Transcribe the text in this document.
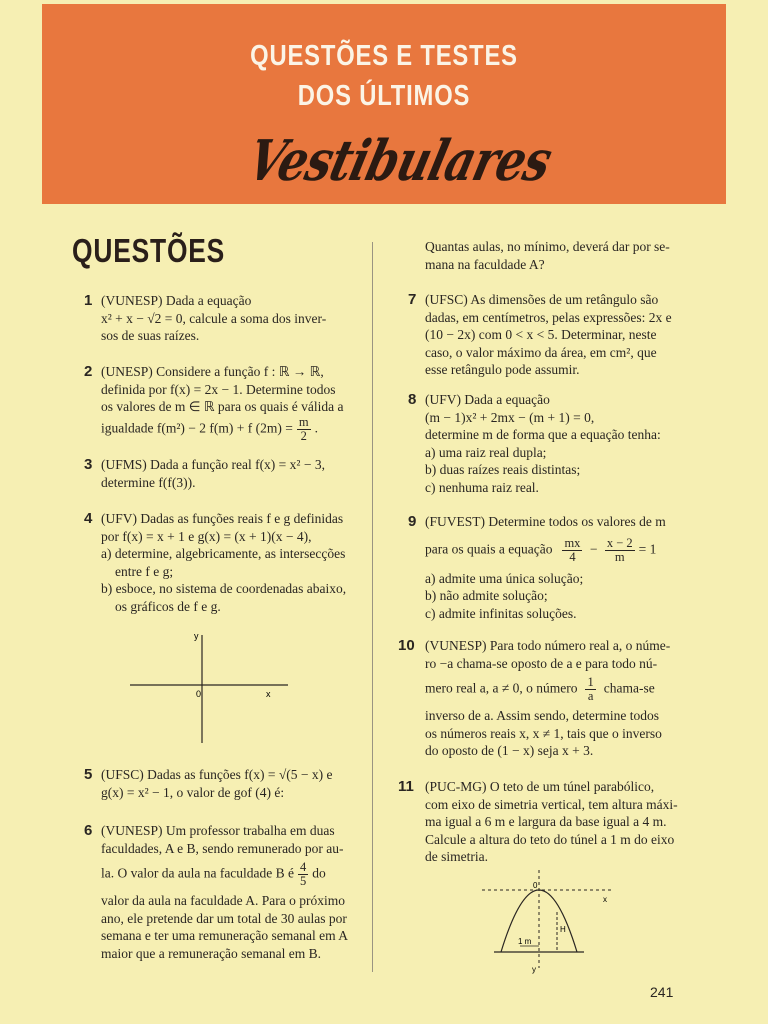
QUESTÕES E TESTES
DOS ÚLTIMOS
Vestibulares
QUESTÕES
1 (VUNESP) Dada a equação
x² + x − √2 = 0, calcule a soma dos inver-
sos de suas raízes.
2 (UNESP) Considere a função f : ℝ → ℝ,
definida por f(x) = 2x − 1. Determine todos
os valores de m ∈ ℝ para os quais é válida a
igualdade f(m²) − 2 f(m) + f $(2m) = \frac{m}{2}$ .
3 (UFMS) Dada a função real f(x) = x² − 3,
determine f(f(3)).
4 (UFV) Dadas as funções reais f e g definidas
por f(x) = x + 1 e g(x) = (x + 1)(x − 4),
a) determine, algebricamente, as intersecções
entre f e g;
b) esboce, no sistema de coordenadas abaixo,
os gráficos de f e g.
y
0	x
5 (UFSC) Dadas as funções f(x) = √(5 − x) e
g(x) = x² − 1, o valor de gof (4) é:
6 (VUNESP) Um professor trabalha em duas
faculdades, A e B, sendo remunerado por au-
la. O valor da aula na faculdade B é $\frac{4}{5}$ do
valor da aula na faculdade A. Para o próximo
ano, ele pretende dar um total de 30 aulas por
semana e ter uma remuneração semanal em A
maior que a remuneração semanal em B.
Quantas aulas, no mínimo, deverá dar por se-
mana na faculdade A?
7 (UFSC) As dimensões de um retângulo são
dadas, em centímetros, pelas expressões: 2x e
(10 − 2x) com 0 < x < 5. Determinar, neste
caso, o valor máximo da área, em cm², que
esse retângulo pode assumir.
8 (UFV) Dada a equação
(m − 1)x² + 2mx − (m + 1) = 0,
determine m de forma que a equação tenha:
a) uma raiz real dupla;
b) duas raízes reais distintas;
c) nenhuma raiz real.
9 (FUVEST) Determine todos os valores de m
para os quais a equação $\frac{mx}{4} - \frac{x - 2}{m} = 1$
a) admite uma única solução;
b) não admite solução;
c) admite infinitas soluções.
10 (VUNESP) Para todo número real a, o núme-
ro −a chama-se oposto de a e para todo nú-
mero real a, a ≠ 0, o número $\frac{1}{a}$ chama-se
inverso de a. Assim sendo, determine todos
os números reais x, x ≠ 1, tais que o inverso
do oposto de (1 − x) seja x + 3.
11 (PUC-MG) O teto de um túnel parabólico,
com eixo de simetria vertical, tem altura máxi-
ma igual a 6 m e largura da base igual a 4 m.
Calcule a altura do teto do túnel a 1 m do eixo
de simetria.
0
x
H
1 m
y
241
